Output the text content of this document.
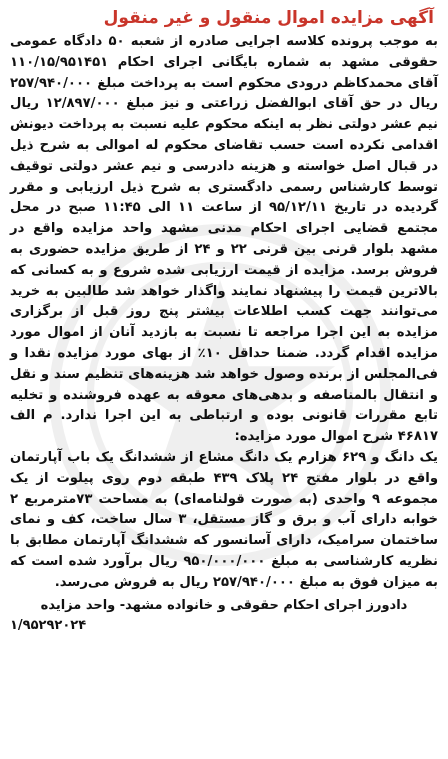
آگهی مزایده اموال منقول و غیر منقول

به موجب پرونده کلاسه اجرایی صادره از شعبه ۵۰ دادگاه عمومی حقوقی مشهد به شماره بایگانی اجرای احکام ۱۱۰/۱۵/۹۵۱۴۵۱ آقای محمدکاظم درودی محکوم است به پرداخت مبلغ ۲۵۷/۹۴۰/۰۰۰ ریال در حق آقای ابوالفضل زراعتی و نیز مبلغ ۱۲/۸۹۷/۰۰۰ ریال نیم عشر دولتی نظر به اینکه محکوم علیه نسبت به پرداخت دیونش اقدامی نکرده است حسب تقاضای محکوم له اموالی به شرح ذیل در قبال اصل خواسته و هزینه دادرسی و نیم عشر دولتی توقیف توسط کارشناس رسمی دادگستری به شرح ذیل ارزیابی و مقرر گردیده در تاریخ ۹۵/۱۲/۱۱ از ساعت ۱۱ الی ۱۱:۴۵ صبح در محل مجتمع قضایی اجرای احکام مدنی مشهد واحد مزایده واقع در مشهد بلوار قرنی بین قرنی ۲۲ و ۲۴ از طریق مزایده حضوری به فروش برسد. مزایده از قیمت ارزیابی شده شروع و به کسانی که بالاترین قیمت را پیشنهاد نمایند واگذار خواهد شد طالبین به خرید می‌توانند جهت کسب اطلاعات بیشتر پنج روز قبل از برگزاری مزایده به این اجرا مراجعه تا نسبت به بازدید آنان از اموال مورد مزایده اقدام گردد. ضمنا حداقل ۱۰٪ از بهای مورد مزایده نقدا و فی‌المجلس از برنده وصول خواهد شد هزینه‌های تنظیم سند و نقل و انتقال بالمناصفه و بدهی‌های معوقه به عهده فروشنده و تخلیه تابع مقررات قانونی بوده و ارتباطی به این اجرا ندارد. م الف ۴۶۸۱۷ شرح اموال مورد مزایده:

یک دانگ و ۶۲۹ هزارم یک دانگ مشاع از ششدانگ یک باب آپارتمان واقع در بلوار مفتح ۲۴ پلاک ۴۳۹ طبقه دوم روی پیلوت از یک مجموعه ۹ واحدی (به صورت قولنامه‌ای) به مساحت ۷۳مترمربع ۲ خوابه دارای آب و برق و گاز مستقل، ۳ سال ساخت، کف و نمای ساختمان سرامیک، دارای آسانسور که ششدانگ آپارتمان مطابق با نظریه کارشناسی به مبلغ ۹۵۰/۰۰۰/۰۰۰ ریال برآورد شده است که به میزان فوق به مبلغ ۲۵۷/۹۴۰/۰۰۰ ریال به فروش می‌رسد.

دادورز اجرای احکام حقوقی و خانواده مشهد- واحد مزایده
۱/۹۵۲۹۲۰۲۴
